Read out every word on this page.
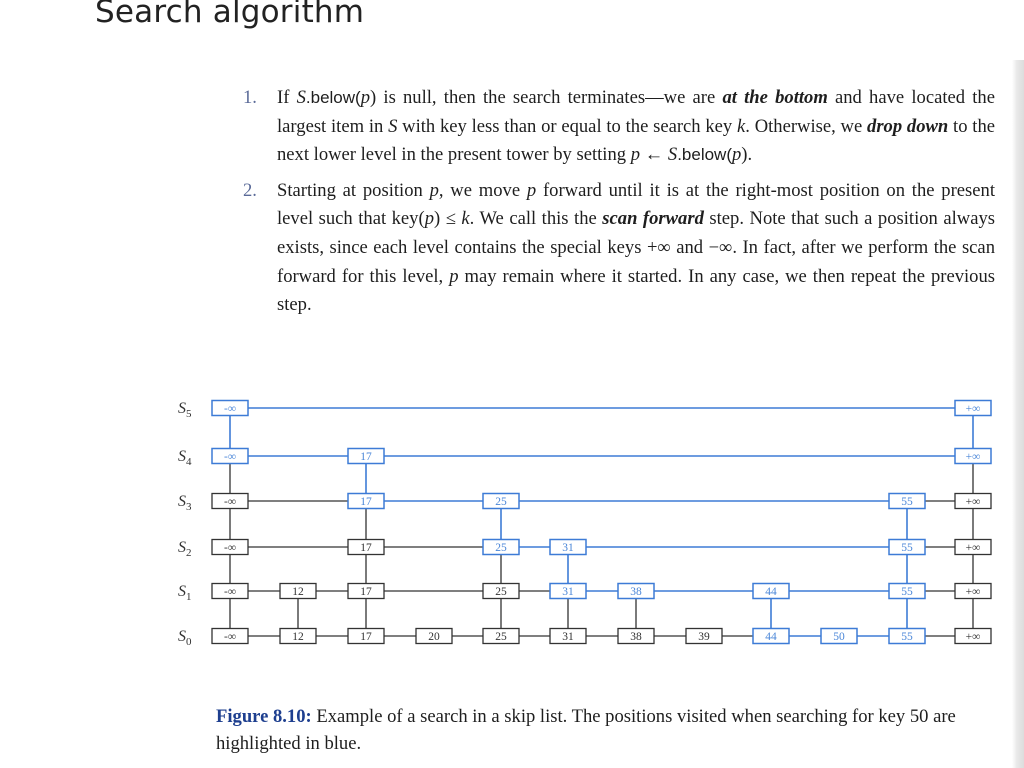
Search algorithm
1. If S.below(p) is null, then the search terminates—we are at the bottom and have located the largest item in S with key less than or equal to the search key k. Otherwise, we drop down to the next lower level in the present tower by setting p ← S.below(p).
2. Starting at position p, we move p forward until it is at the right-most position on the present level such that key(p) ≤ k. We call this the scan forward step. Note that such a position always exists, since each level contains the special keys +∞ and −∞. In fact, after we perform the scan forward for this level, p may remain where it started. In any case, we then repeat the previous step.
$S_5$	-∞	+∞
$S_4$	-∞	17	+∞
$S_3$	-∞	17	25	55	+∞
$S_2$	-∞	17	25	31	55	+∞
$S_1$	-∞	12	17	25	31	38	44	55	+∞
$S_0$	-∞	12	17	20	25	31	38	39	44	50	55	+∞
Figure 8.10: Example of a search in a skip list. The positions visited when searching for key 50 are highlighted in blue.
